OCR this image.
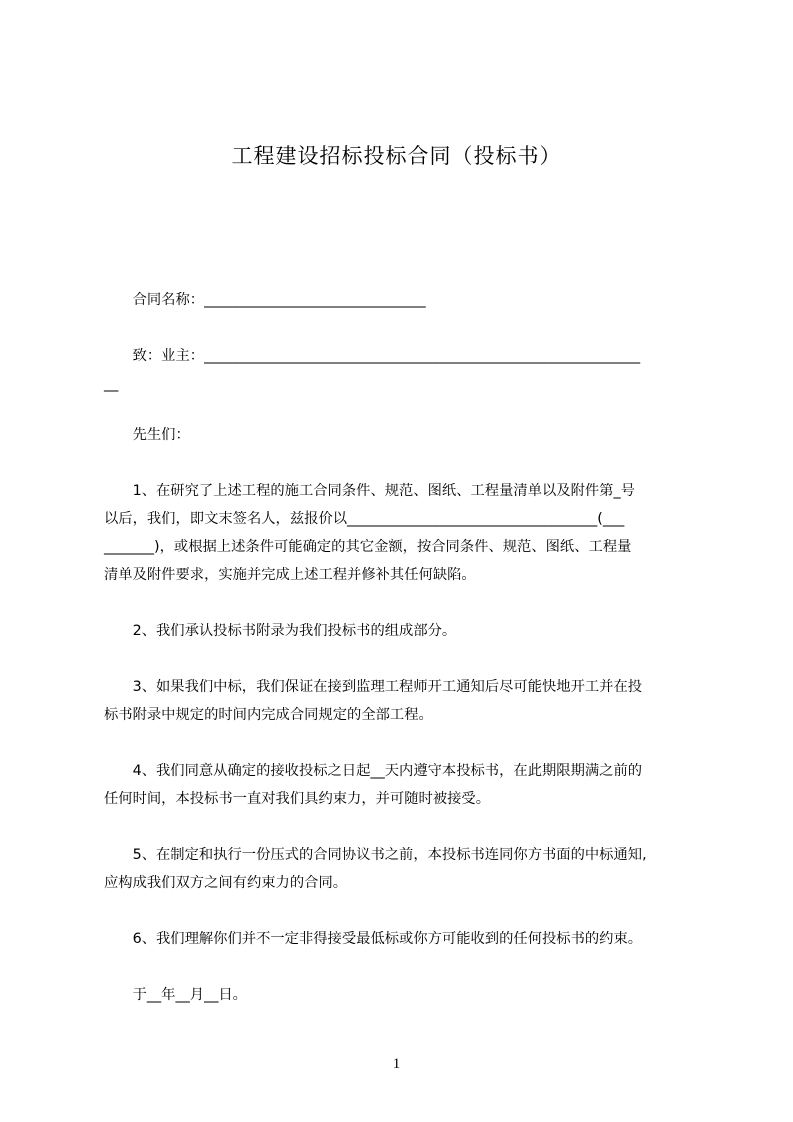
工程建设招标投标合同（投标书）

合同名称：_______________________________

致：业主：_____________________________________________________________
__

先生们：

1、在研究了上述工程的施工合同条件、规范、图纸、工程量清单以及附件第_号
以后，我们，即文末签名人，兹报价以___________________________________(___
_______)，或根据上述条件可能确定的其它金额，按合同条件、规范、图纸、工程量
清单及附件要求，实施并完成上述工程并修补其任何缺陷。

2、我们承认投标书附录为我们投标书的组成部分。

3、如果我们中标，我们保证在接到监理工程师开工通知后尽可能快地开工并在投
标书附录中规定的时间内完成合同规定的全部工程。
4、我们同意从确定的接收投标之日起__天内遵守本投标书，在此期限期满之前的
任何时间，本投标书一直对我们具约束力，并可随时被接受。
5、在制定和执行一份压式的合同协议书之前，本投标书连同你方书面的中标通知,
应构成我们双方之间有约束力的合同。

6、我们理解你们并不一定非得接受最低标或你方可能收到的任何投标书的约束。

于__年__月__日。

1
